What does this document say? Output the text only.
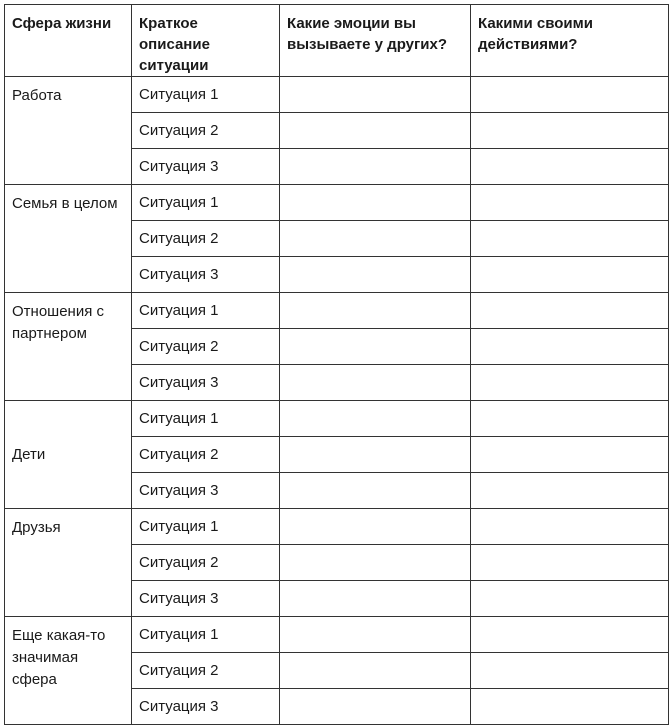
Сфера жизни	Краткое описание ситуации	Какие эмоции вы вызываете у других?	Какими своими действиями?
Работа	Ситуация 1		
	Ситуация 2		
	Ситуация 3		
Семья в целом	Ситуация 1		
	Ситуация 2		
	Ситуация 3		
Отношения с партнером	Ситуация 1		
	Ситуация 2		
	Ситуация 3		
Дети	Ситуация 1		
	Ситуация 2		
	Ситуация 3		
Друзья	Ситуация 1		
	Ситуация 2		
	Ситуация 3		
Еще какая-то значимая сфера	Ситуация 1		
	Ситуация 2		
	Ситуация 3		
